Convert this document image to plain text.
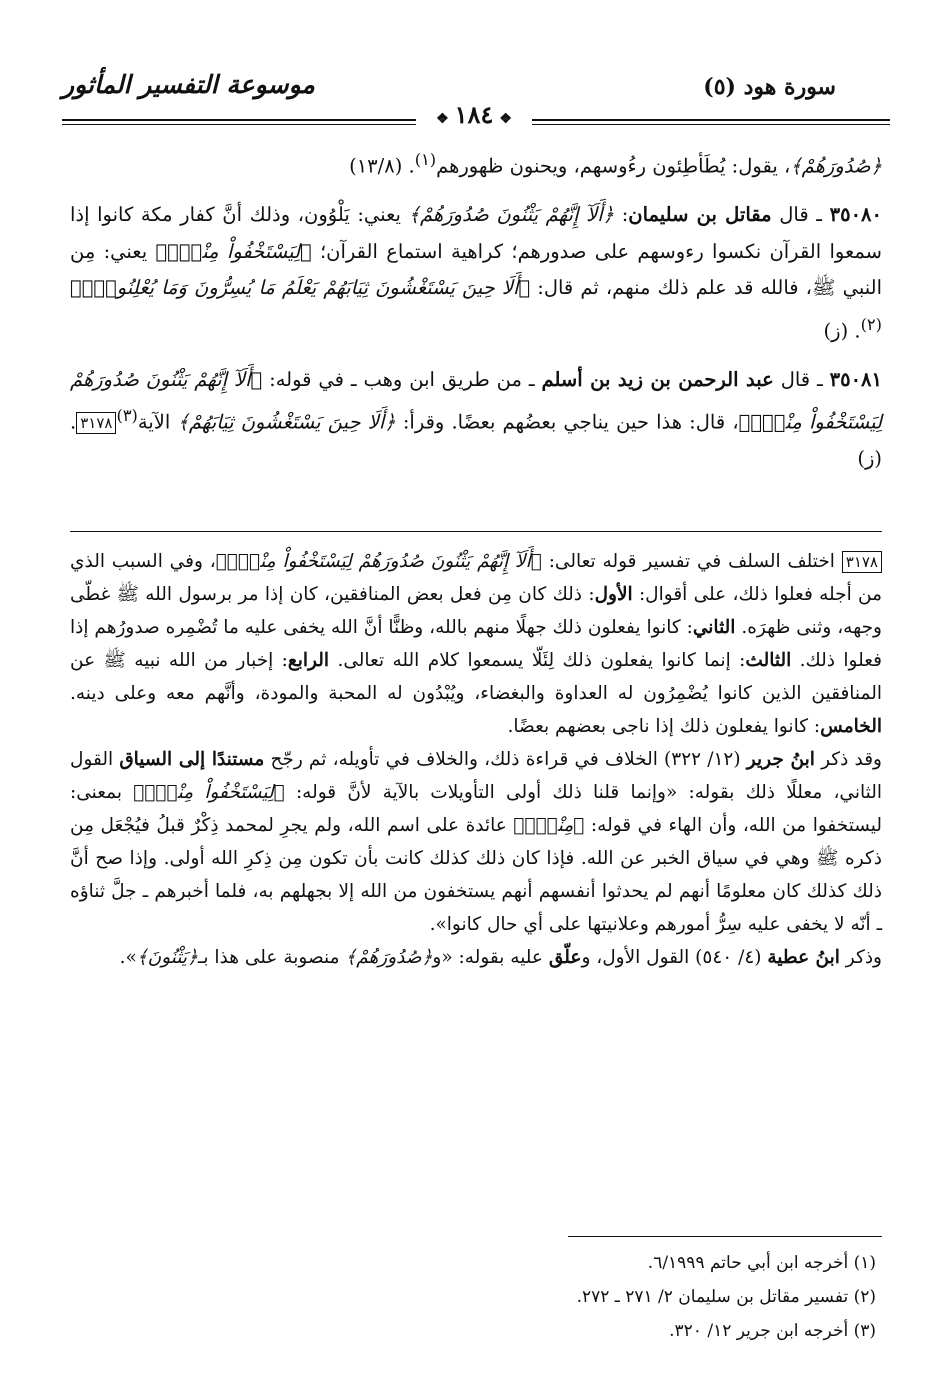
سورة هود (٥)
موسوعة التفسير المأثور
❖١٨٤❖

﴿صُدُورَهُمْ﴾، يقول: يُطَأطِئون رءُوسهم، ويحنون ظهورهم$^{(١)}$. (١٣/٨)

٣٥٠٨٠ ـ قال مقاتل بن سليمان: ﴿أَلَآ إِنَّهُمْ يَثْنُونَ صُدُورَهُمْ﴾ يعني: يَلْوُون، وذلك أنَّ كفار مكة كانوا إذا سمعوا القرآن نكسوا رءوسهم على صدورهم؛ كراهية استماع القرآن؛ ﴿لِيَسْتَخْفُواْ مِنْهُۚ﴾ يعني: مِن النبي ﷺ، فالله قد علم ذلك منهم، ثم قال: ﴿أَلَا حِينَ يَسْتَغْشُونَ ثِيَابَهُمْ يَعْلَمُ مَا يُسِرُّونَ وَمَا يُعْلِنُونَۚ﴾$^{(٢)}$. (ز)

٣٥٠٨١ ـ قال عبد الرحمن بن زيد بن أسلم ـ من طريق ابن وهب ـ في قوله: ﴿أَلَآ إِنَّهُمْ يَثْنُونَ صُدُورَهُمْ لِيَسْتَخْفُواْ مِنْهُۚ﴾، قال: هذا حين يناجي بعضُهم بعضًا. وقرأ: ﴿أَلَا حِينَ يَسْتَغْشُونَ ثِيَابَهُمْ﴾ الآية$^{(٣)}$٣١٧٨. (ز)

٣١٧٨ اختلف السلف في تفسير قوله تعالى: ﴿أَلَآ إِنَّهُمْ يَثْنُونَ صُدُورَهُمْ لِيَسْتَخْفُواْ مِنْهُۚ﴾، وفي السبب الذي من أجله فعلوا ذلك، على أقوال: الأول: ذلك كان مِن فعل بعض المنافقين، كان إذا مر برسول الله ﷺ غطّى وجهه، وثنى ظهرَه. الثاني: كانوا يفعلون ذلك جهلًا منهم بالله، وظنًّا أنَّ الله يخفى عليه ما تُضْمِره صدورُهم إذا فعلوا ذلك. الثالث: إنما كانوا يفعلون ذلك لِئَلّا يسمعوا كلام الله تعالى. الرابع: إخبار من الله نبيه ﷺ عن المنافقين الذين كانوا يُضْمِرُون له العداوة والبغضاء، ويُبْدُون له المحبة والمودة، وأنَّهم معه وعلى دينه. الخامس: كانوا يفعلون ذلك إذا ناجى بعضهم بعضًا.

وقد ذكر ابنُ جرير (١٢/ ٣٢٢) الخلاف في قراءة ذلك، والخلاف في تأويله، ثم رجّح مستندًا إلى السياق القول الثاني، معللًا ذلك بقوله: «وإنما قلنا ذلك أولى التأويلات بالآية لأنَّ قوله: ﴿لِيَسْتَخْفُواْ مِنْهُۚ﴾ بمعنى: ليستخفوا من الله، وأن الهاء في قوله: ﴿مِنْهُۚ﴾ عائدة على اسم الله، ولم يجرِ لمحمد ذِكْرٌ قبلُ فيُجْعَل مِن ذكره ﷺ وهي في سياق الخبر عن الله. فإذا كان ذلك كذلك كانت بأن تكون مِن ذِكرِ الله أولى. وإذا صح أنَّ ذلك كذلك كان معلومًا أنهم لم يحدثوا أنفسهم أنهم يستخفون من الله إلا بجهلهم به، فلما أخبرهم ـ جلَّ ثناؤه ـ أنّه لا يخفى عليه سِرُّ أمورهم وعلانيتها على أي حال كانوا».

وذكر ابنُ عطية (٤/ ٥٤٠) القول الأول، وعلّق عليه بقوله: «و﴿صُدُورَهُمْ﴾ منصوبة على هذا بـ﴿يَثْنُونَ﴾».

(١) أخرجه ابن أبي حاتم ٦/١٩٩٩.

(٢) تفسير مقاتل بن سليمان ٢/ ٢٧١ ـ ٢٧٢.

(٣) أخرجه ابن جرير ١٢/ ٣٢٠.
